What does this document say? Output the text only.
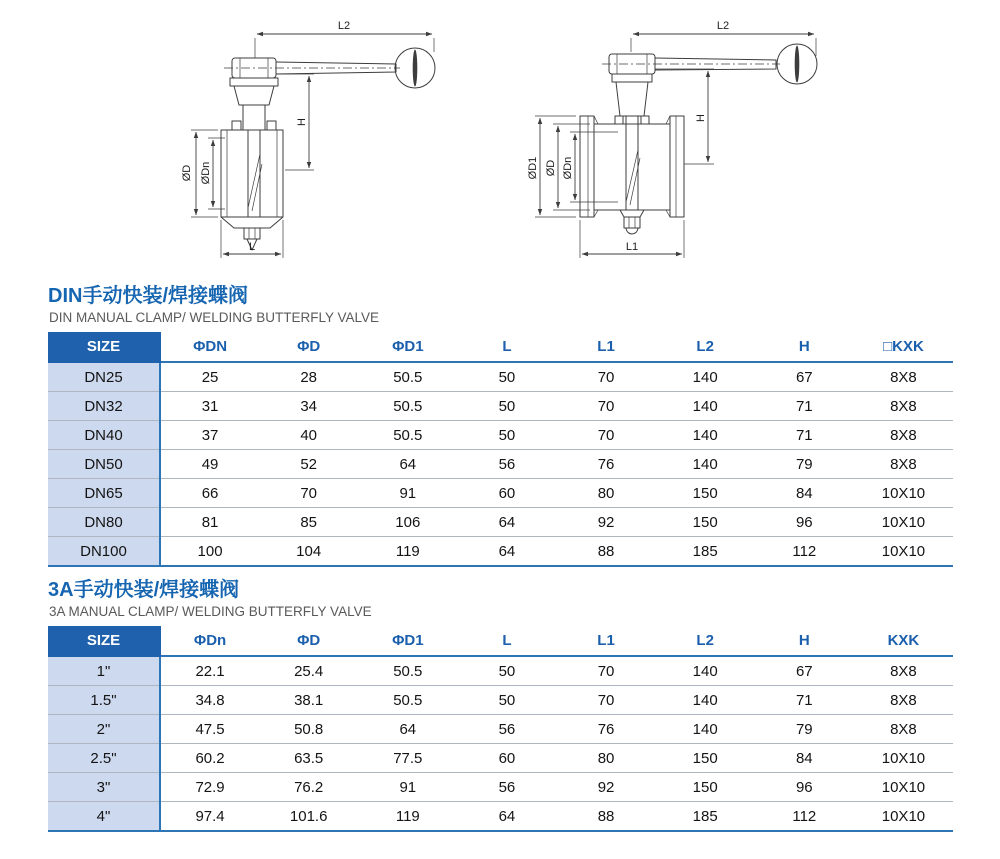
L2
H
ØD ØDn
L
L2
H
ØD1 ØD ØDn
L1
DIN手动快装/焊接蝶阀
DIN MANUAL CLAMP/ WELDING BUTTERFLY VALVE
SIZE	ΦDN	ΦD	ΦD1	L	L1	L2	H	□KXK
DN25	25	28	50.5	50	70	140	67	8X8
DN32	31	34	50.5	50	70	140	71	8X8
DN40	37	40	50.5	50	70	140	71	8X8
DN50	49	52	64	56	76	140	79	8X8
DN65	66	70	91	60	80	150	84	10X10
DN80	81	85	106	64	92	150	96	10X10
DN100	100	104	119	64	88	185	112	10X10
3A手动快装/焊接蝶阀
3A MANUAL CLAMP/ WELDING BUTTERFLY VALVE
SIZE	ΦDn	ΦD	ΦD1	L	L1	L2	H	KXK
1"	22.1	25.4	50.5	50	70	140	67	8X8
1.5"	34.8	38.1	50.5	50	70	140	71	8X8
2"	47.5	50.8	64	56	76	140	79	8X8
2.5"	60.2	63.5	77.5	60	80	150	84	10X10
3"	72.9	76.2	91	56	92	150	96	10X10
4"	97.4	101.6	119	64	88	185	112	10X10
